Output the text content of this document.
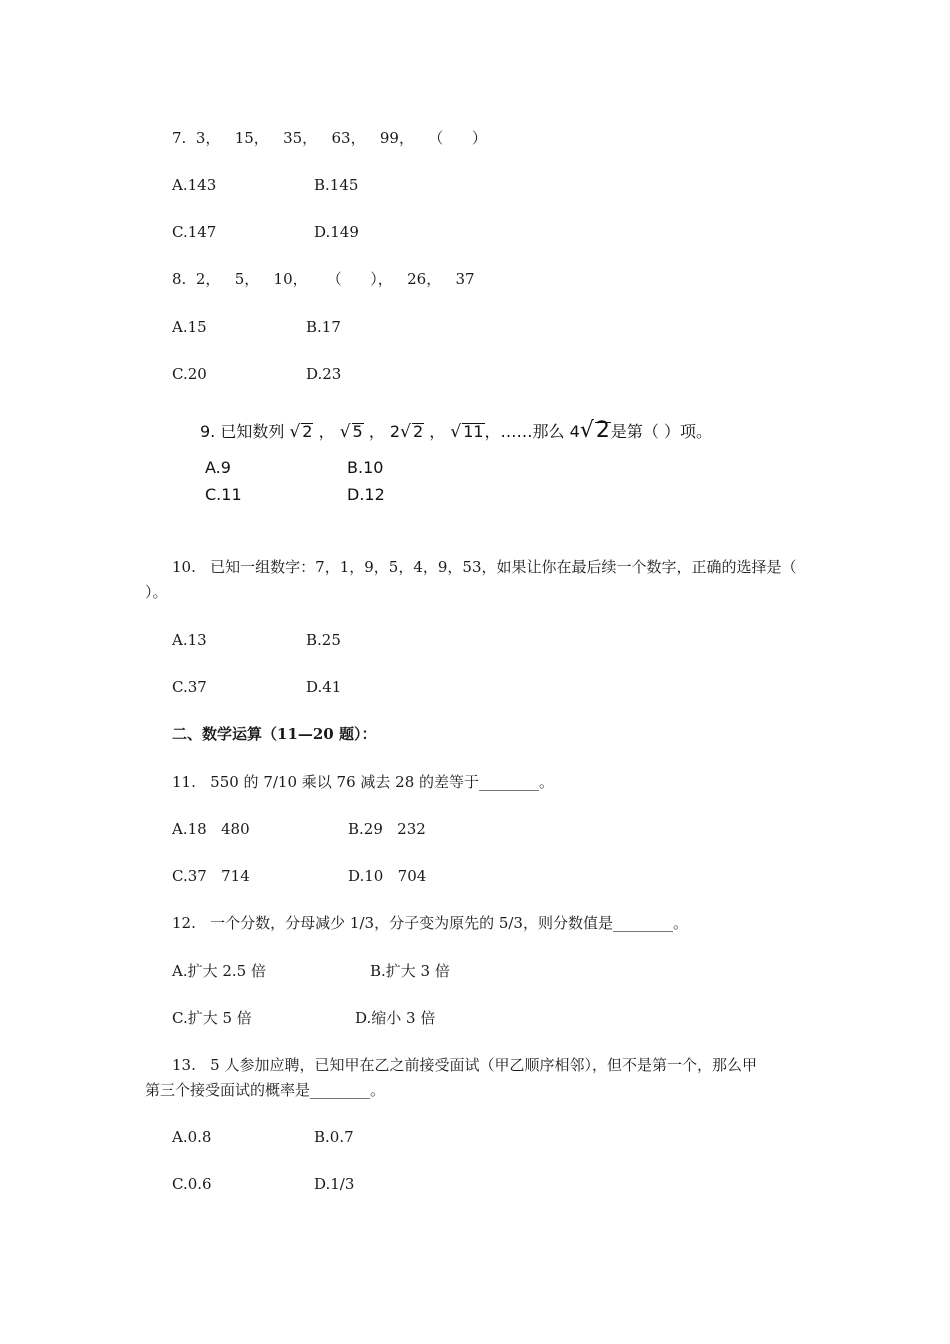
7.  3，   15，   35，   63，   99，   （      ）
A.143	B.145
C.147	D.149
8.  2，   5，   10，    （      ），   26，   37
A.15	B.17
C.20	D.23
9. 已知数列 √ 2 ， √ 5 ， 2√ 2 ， √ 11，……那么 4√2是第（ ）项。
A.9	B.10
C.11	D.12
10.   已知一组数字：7，1，9，5，4，9，53，如果让你在最后续一个数字，正确的选择是（
）。
A.13	B.25
C.37	D.41
二、数学运算（11—20 题）：
11.   550 的 7/10 乘以 76 减去 28 的差等于________。
A.18   480	B.29   232
C.37   714	D.10   704
12.   一个分数，分母减少 1/3，分子变为原先的 5/3，则分数值是________。
A.扩大 2.5 倍	B.扩大 3 倍
C.扩大 5 倍	D.缩小 3 倍
13.   5 人参加应聘，已知甲在乙之前接受面试（甲乙顺序相邻），但不是第一个，那么甲
第三个接受面试的概率是________。
A.0.8	B.0.7
C.0.6	D.1/3
